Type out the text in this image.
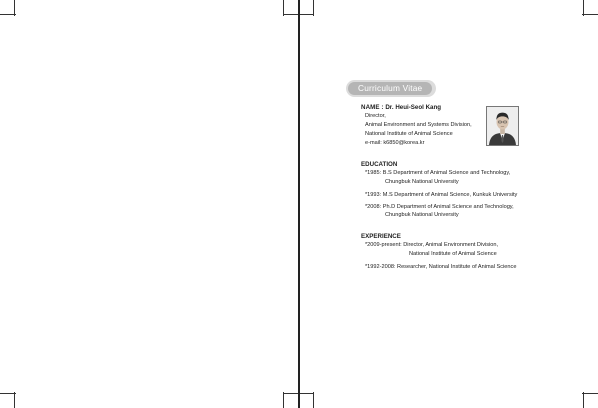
Curriculum Vitae
NAME : Dr. Heui-Seol Kang
Director,
Animal Environment and Systems Division,
National Institute of Animal Science
e-mail: k6850@korea.kr
EDUCATION
*1985: B.S Department of Animal Science and Technology,
Chungbuk National University
*1993: M.S Department of Animal Science, Kunkuk University
*2008: Ph.D Department of Animal Science and Technology,
Chungbuk National University
EXPERIENCE
*2009-present: Director, Animal Environment Division,
National Institute of Animal Science
*1992-2008: Researcher, National Institute of Animal Science
